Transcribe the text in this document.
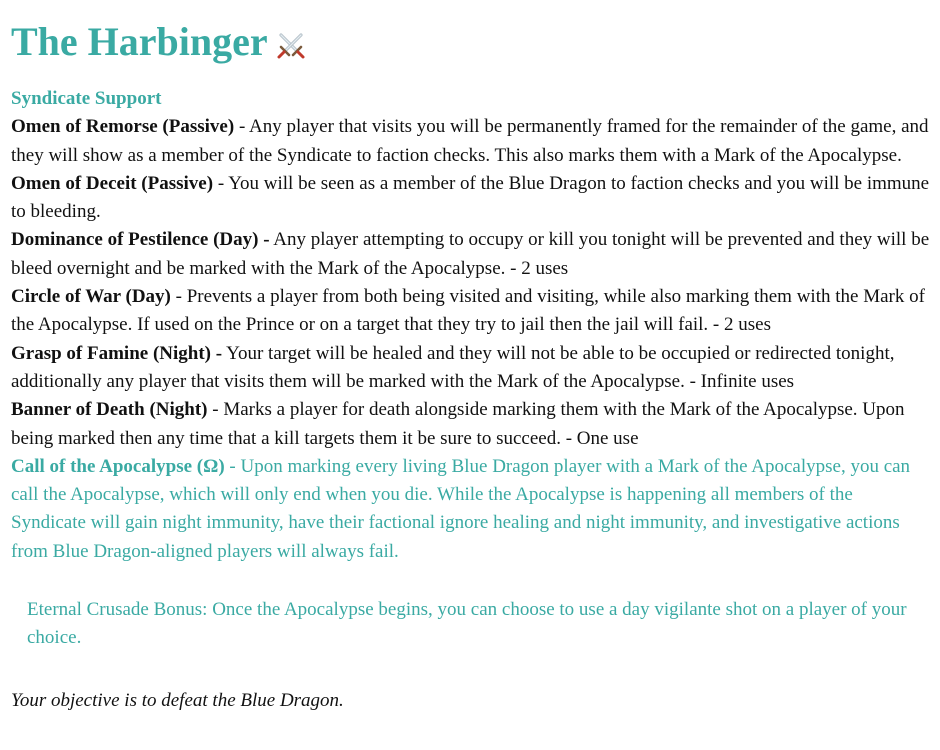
The Harbinger
Syndicate Support
Omen of Remorse (Passive) - Any player that visits you will be permanently framed for the remainder of the game, and they will show as a member of the Syndicate to faction checks. This also marks them with a Mark of the Apocalypse.
Omen of Deceit (Passive) - You will be seen as a member of the Blue Dragon to faction checks and you will be immune to bleeding.
Dominance of Pestilence (Day) - Any player attempting to occupy or kill you tonight will be prevented and they will be bleed overnight and be marked with the Mark of the Apocalypse. - 2 uses
Circle of War (Day) - Prevents a player from both being visited and visiting, while also marking them with the Mark of the Apocalypse. If used on the Prince or on a target that they try to jail then the jail will fail. - 2 uses
Grasp of Famine (Night) - Your target will be healed and they will not be able to be occupied or redirected tonight, additionally any player that visits them will be marked with the Mark of the Apocalypse. - Infinite uses
Banner of Death (Night) - Marks a player for death alongside marking them with the Mark of the Apocalypse. Upon being marked then any time that a kill targets them it be sure to succeed. - One use
Call of the Apocalypse (Ω) - Upon marking every living Blue Dragon player with a Mark of the Apocalypse, you can call the Apocalypse, which will only end when you die. While the Apocalypse is happening all members of the Syndicate will gain night immunity, have their factional ignore healing and night immunity, and investigative actions from Blue Dragon-aligned players will always fail.
Eternal Crusade Bonus: Once the Apocalypse begins, you can choose to use a day vigilante shot on a player of your choice.
Your objective is to defeat the Blue Dragon.
